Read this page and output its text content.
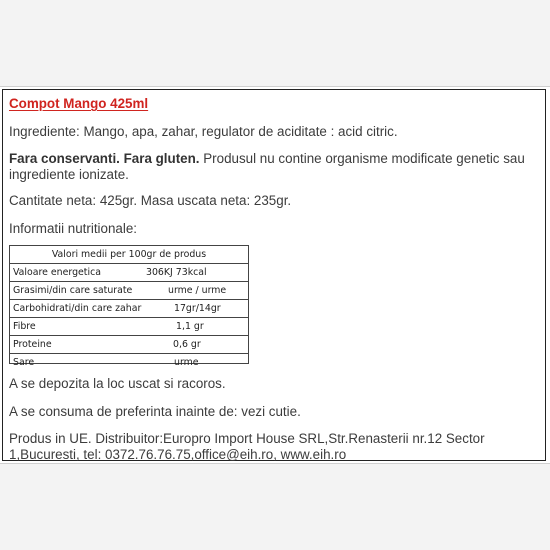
Compot Mango 425ml

Ingrediente: Mango, apa, zahar, regulator de aciditate : acid citric.

Fara conservanti. Fara gluten. Produsul nu contine organisme modificate genetic sau ingrediente ionizate.

Cantitate neta: 425gr. Masa uscata neta: 235gr.

Informatii nutritionale:

Valori medii per 100gr de produs
Valoare energetica	306KJ 73kcal
Grasimi/din care saturate	urme / urme
Carbohidrati/din care zahar	17gr/14gr
Fibre	1,1 gr
Proteine	0,6 gr
Sare	urme

A se depozita la loc uscat si racoros.

A se consuma de preferinta inainte de: vezi cutie.

Produs in UE. Distribuitor:Europro Import House SRL,Str.Renasterii nr.12 Sector 1,Bucuresti, tel: 0372.76.76.75,office@eih.ro, www.eih.ro
